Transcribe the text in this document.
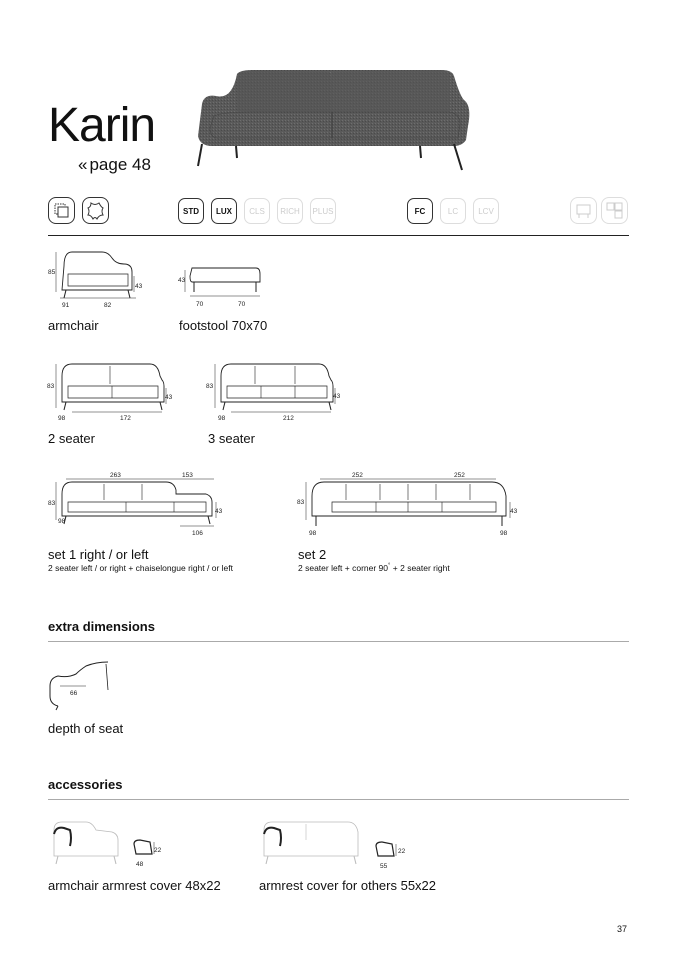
Karin
« page 48
STD	LUX	CLS	RICH	PLUS	FC	LC	LCV
85
43
91	82
armchair
43
70	70
footstool 70x70
83
43
98	172
2 seater
83
43
98	212
3 seater
263	153
83
43
98
106
set 1 right / or left
2 seater left / or right + chaiselongue right / or left
252	252
83
43
98	98
set 2
2 seater left + corner 90° + 2 seater right
extra dimensions
66
depth of seat
accessories
22
48
armchair armrest cover 48x22
22
55
armrest cover for others 55x22
37
